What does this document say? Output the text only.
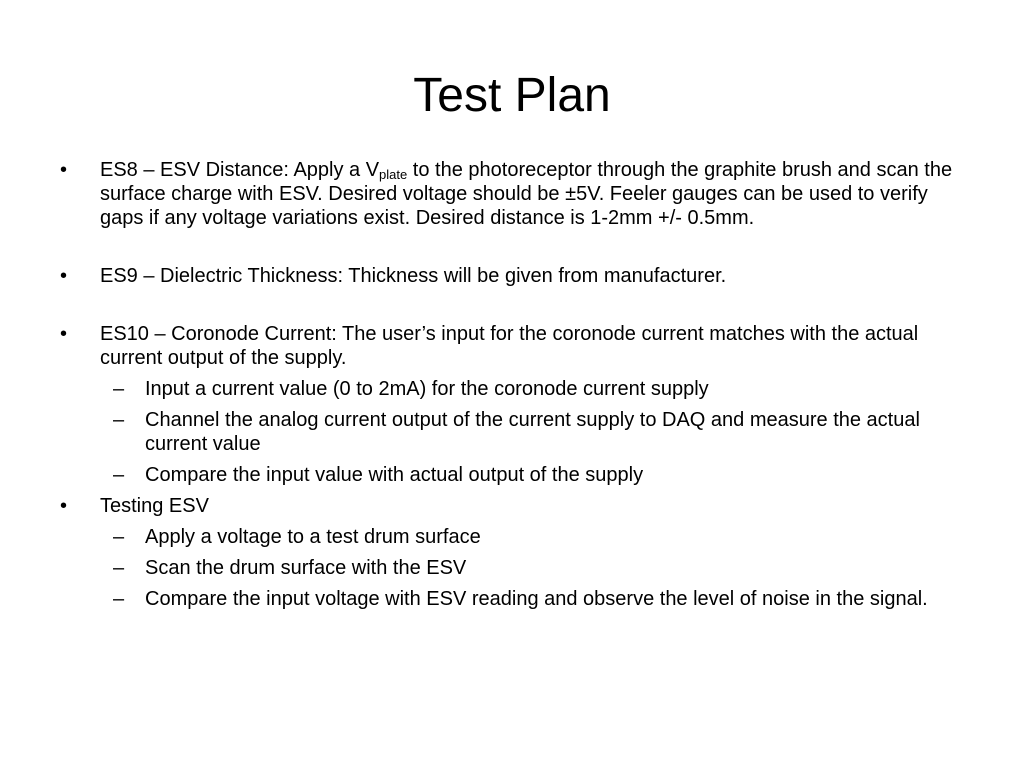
Test Plan

• ES8 – ESV Distance: Apply a $V_{plate}$ to the photoreceptor through the graphite brush and scan the surface charge with ESV. Desired voltage should be ±5V. Feeler gauges can be used to verify gaps if any voltage variations exist. Desired distance is 1-2mm +/- 0.5mm.

• ES9 – Dielectric Thickness: Thickness will be given from manufacturer.

• ES10 – Coronode Current: The user’s input for the coronode current matches with the actual current output of the supply.

– Input a current value (0 to 2mA) for the coronode current supply

– Channel the analog current output of the current supply to DAQ and measure the actual current value

– Compare the input value with actual output of the supply

• Testing ESV

– Apply a voltage to a test drum surface

– Scan the drum surface with the ESV

– Compare the input voltage with ESV reading and observe the level of noise in the signal.
